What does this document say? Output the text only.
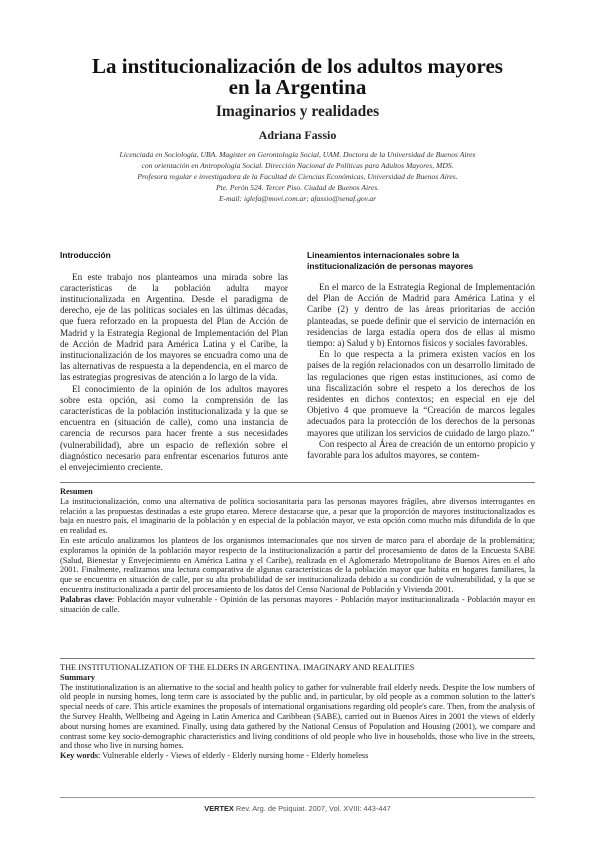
La institucionalización de los adultos mayores
en la Argentina
Imaginarios y realidades
Adriana Fassio
Licenciada en Sociología, UBA. Magister en Gerontología Social, UAM. Doctora de la Universidad de Buenos Aires
con orientación en Antropología Social. Dirección Nacional de Políticas para Adultos Mayores, MDS.
Profesora regular e investigadora de la Facultad de Ciencias Económicas, Universidad de Buenos Aires.
Pte. Perón 524. Tercer Piso. Ciudad de Buenos Aires.
E-mail: iglefa@movi.com.ar; afassio@senaf.gov.ar
Introducción

En este trabajo nos planteamos una mirada sobre las características de la población adulta mayor institucionalizada en Argentina. Desde el paradigma de derecho, eje de las políticas sociales en las últimas décadas, que fuera reforzado en la propuesta del Plan de Acción de Madrid y la Estrategia Regional de Implementación del Plan de Acción de Madrid para América Latina y el Caribe, la institucionalización de los mayores se encuadra como una de las alternativas de respuesta a la dependencia, en el marco de las estrategias progresivas de atención a lo largo de la vida.

El conocimiento de la opinión de los adultos mayores sobre esta opción, así como la comprensión de las características de la población institucionalizada y la que se encuentra en (situación de calle), como una instancia de carencia de recursos para hacer frente a sus necesidades (vulnerabilidad), abre un espacio de reflexión sobre el diagnóstico necesario para enfrentar escenarios futuros ante el envejecimiento creciente.

Lineamientos internacionales sobre la
institucionalización de personas mayores

En el marco de la Estrategia Regional de Implementación del Plan de Acción de Madrid para América Latina y el Caribe (2) y dentro de las áreas prioritarias de acción planteadas, se puede definir que el servicio de internación en residencias de larga estadía opera dos de ellas al mismo tiempo: a) Salud y b) Entornos físicos y sociales favorables.

En lo que respecta a la primera existen vacíos en los países de la región relacionados con un desarrollo limitado de las regulaciones que rigen estas instituciones, así como de una fiscalización sobre el respeto a los derechos de los residentes en dichos contextos; en especial en eje del Objetivo 4 que promueve la “Creación de marcos legales adecuados para la protección de los derechos de la personas mayores que utilizan los servicios de cuidado de largo plazo.”

Con respecto al Área de creación de un entorno propicio y favorable para los adultos mayores, se contem-

Resumen

La institucionalización, como una alternativa de política sociosanitaria para las personas mayores frágiles, abre diversos interrogantes en relación a las propuestas destinadas a este grupo etareo. Merece destacarse que, a pesar que la proporción de mayores institucionalizados es baja en nuestro país, el imaginario de la población y en especial de la población mayor, ve esta opción como mucho más difundida de lo que en realidad es.

En este artículo analizamos los planteos de los organismos internacionales que nos sirven de marco para el abordaje de la problemática; exploramos la opinión de la población mayor respecto de la institucionalización a partir del procesamiento de datos de la Encuesta SABE (Salud, Bienestar y Envejecimiento en América Latina y el Caribe), realizada en el Aglomerado Metropolitano de Buenos Aires en el año 2001. Finalmente, realizamos una lectura comparativa de algunas características de la población mayor que habita en hogares familiares, la que se encuentra en situación de calle, por su alta probabilidad de ser institucionalizada debido a su condición de vulnerabilidad, y la que se encuentra institucionalizada a partir del procesamiento de los datos del Censo Nacional de Población y Vivienda 2001.

Palabras clave: Población mayor vulnerable - Opinión de las personas mayores - Población mayor institucionalizada - Población mayor en situación de calle.

THE INSTITUTIONALIZATION OF THE ELDERS IN ARGENTINA. IMAGINARY AND REALITIES

Summary

The institutionalization is an alternative to the social and health policy to gather for vulnerable frail elderly needs. Despite the low numbers of old people in nursing homes, long term care is associated by the public and, in particular, by old people as a common solution to the latter's special needs of care. This article examines the proposals of international organisations regarding old people's care. Then, from the analysis of the Survey Health, Wellbeing and Ageing in Latin America and Caribbean (SABE), carried out in Buenos Aires in 2001 the views of elderly about nursing homes are examined. Finally, using data gathered by the National Census of Population and Housing (2001), we compare and contrast some key socio-demographic characteristics and living conditions of old people who live in households, those who live in the streets, and those who live in nursing homes.

Key words: Vulnerable elderly - Views of elderly - Elderly nursing home - Elderly homeless

VERTEX Rev. Arg. de Psiquiat. 2007, Vol. XVIII: 443-447
